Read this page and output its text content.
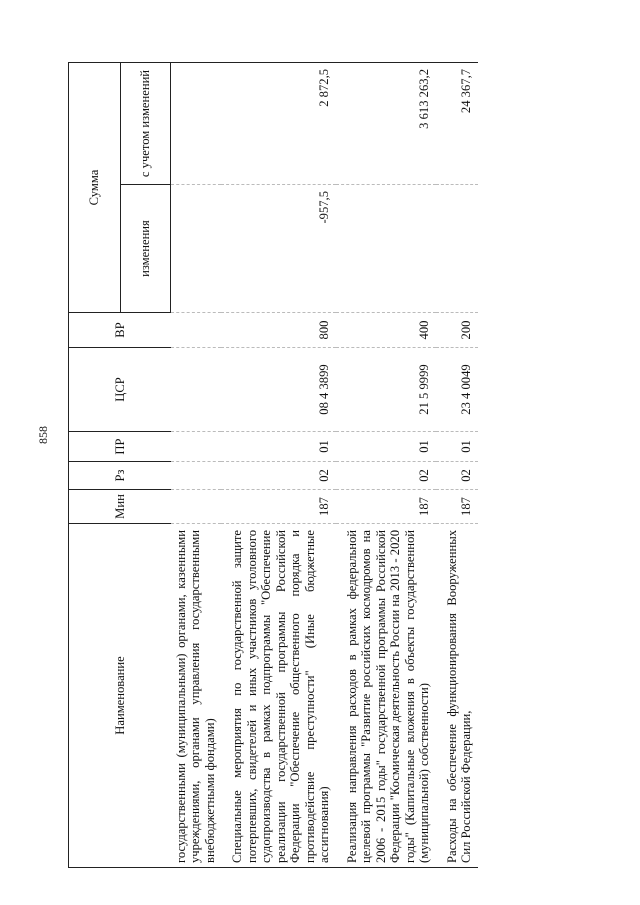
858
Наименование	Мин	Рз	ПР	ЦСР	ВР	Сумма	
						изменения	с учетом изменений
государственными (муниципальными) органами, казенными учреждениями, органами управления государственными внебюджетными фондами)							
Специальные мероприятия по государственной защите потерпевших, свидетелей и иных участников уголовного судопроизводства в рамках подпрограммы "Обеспечение реализации государственной программы Российской Федерации "Обеспечение общественного порядка и противодействие преступности" (Иные бюджетные ассигнования)	187	02	01	08 4 3899	800	-957,5	2 872,5
Реализация направления расходов в рамках федеральной целевой программы "Развитие российских космодромов на 2006 - 2015 годы" государственной программы Российской Федерации "Космическая деятельность России на 2013 - 2020 годы" (Капитальные вложения в объекты государственной (муниципальной) собственности)	187	02	01	21 5 9999	400		3 613 263,2
Расходы на обеспечение функционирования Вооруженных Сил Российской Федерации,	187	02	01	23 4 0049	200		24 367,7
